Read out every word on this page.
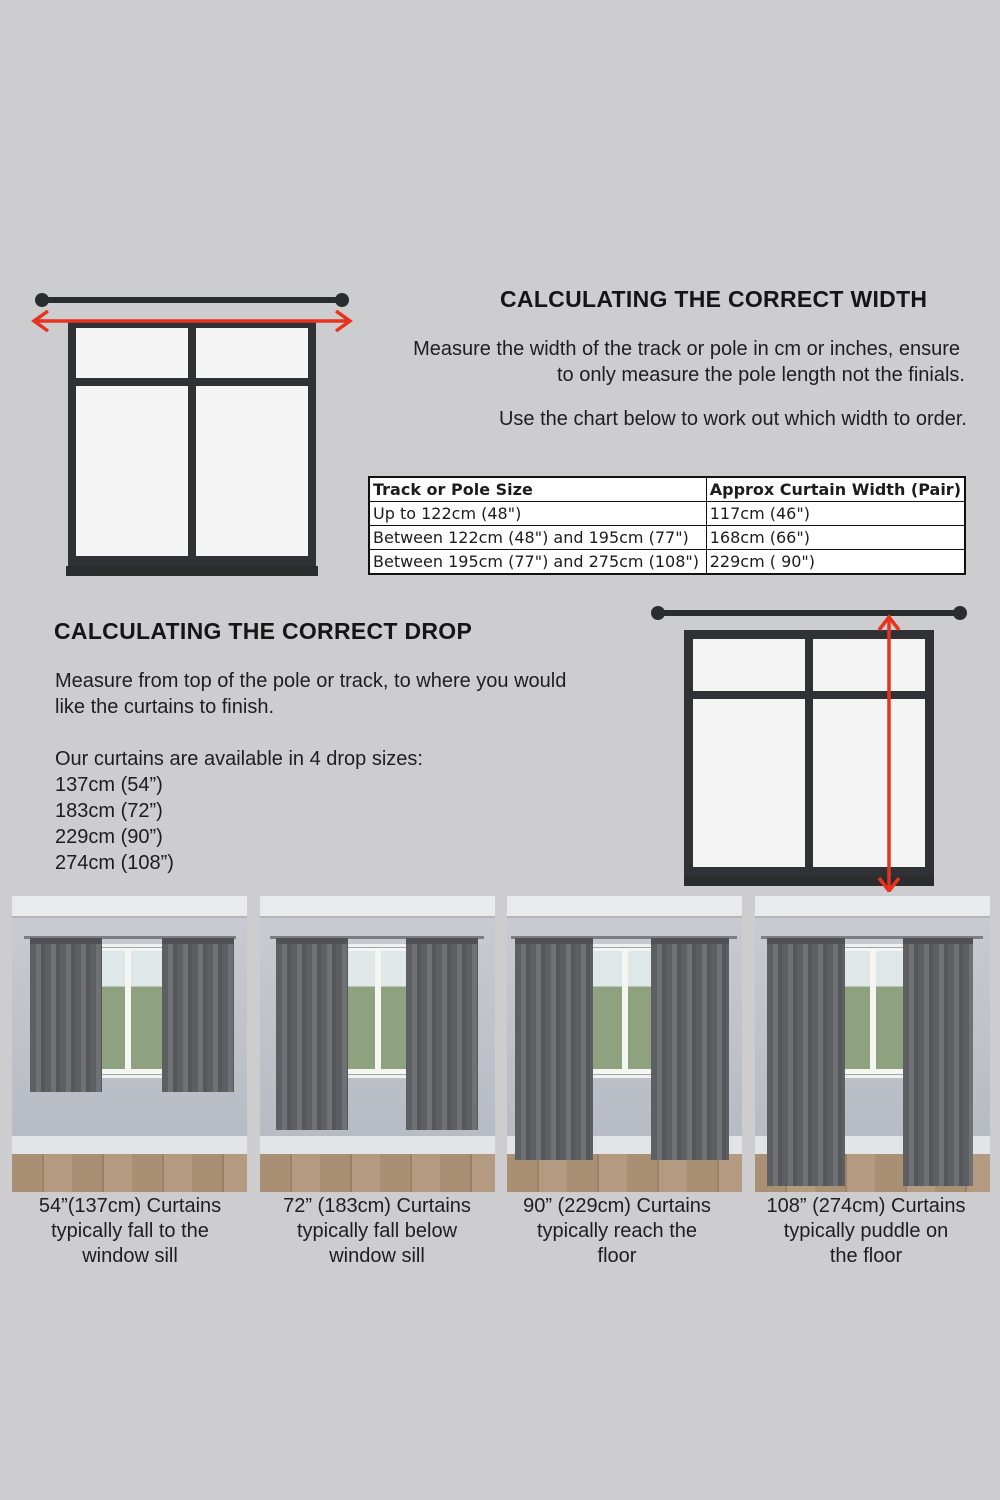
CALCULATING THE CORRECT WIDTH
Measure the width of the track or pole in cm or inches, ensure
to only measure the pole length not the finials.
Use the chart below to work out which width to order.
Track or Pole Size	Approx Curtain Width (Pair)
Up to 122cm (48")	117cm (46")
Between 122cm (48") and 195cm (77")	168cm (66")
Between 195cm (77") and 275cm (108")	229cm ( 90")
CALCULATING THE CORRECT DROP
Measure from top of the pole or track, to where you would
like the curtains to finish.
Our curtains are available in 4 drop sizes:
137cm (54”)
183cm (72”)
229cm (90”)
274cm (108”)
54”(137cm) Curtains
typically fall to the
window sill
72” (183cm) Curtains
typically fall below
window sill
90” (229cm) Curtains
typically reach the
floor
108” (274cm) Curtains
typically puddle on
the floor
